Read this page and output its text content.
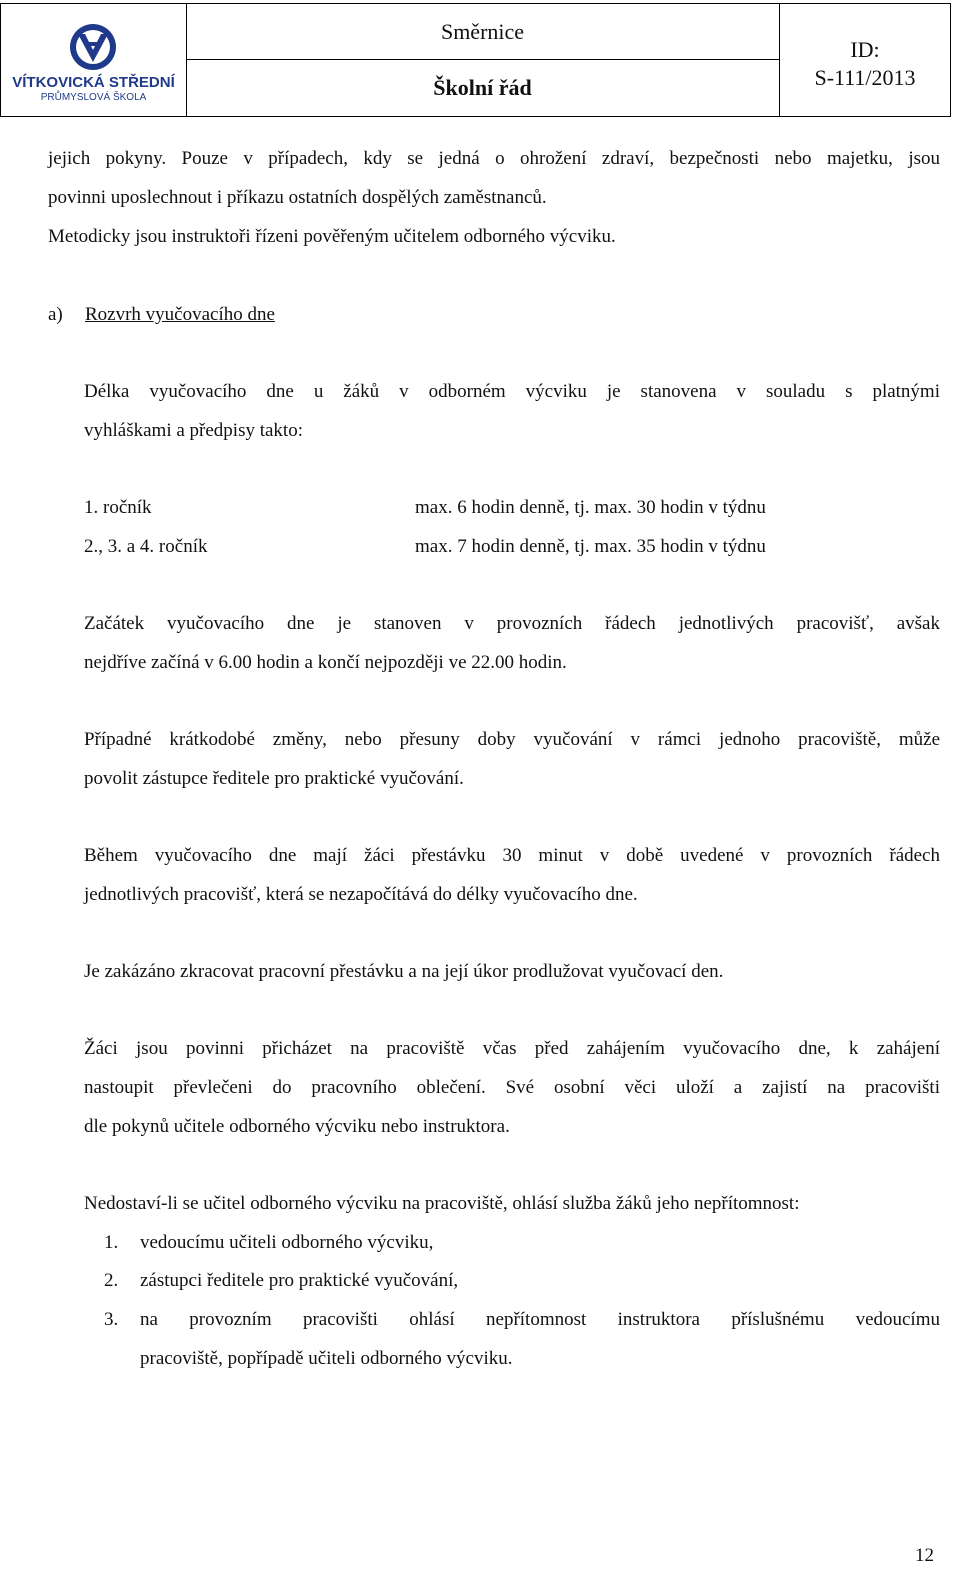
VÍTKOVICKÁ STŘEDNÍ
PRŮMYSLOVÁ ŠKOLA
Směrnice
Školní řád
ID:
S-111/2013
jejich pokyny. Pouze v případech, kdy se jedná o ohrožení zdraví, bezpečnosti nebo majetku, jsou
povinni uposlechnout i příkazu ostatních dospělých zaměstnanců.
Metodicky jsou instruktoři řízeni pověřeným učitelem odborného výcviku.
a) Rozvrh vyučovacího dne
Délka vyučovacího dne u žáků v odborném výcviku je stanovena v souladu s platnými
vyhláškami a předpisy takto:
1. ročník	max. 6 hodin denně, tj. max. 30 hodin v týdnu
2., 3. a 4. ročník	max. 7 hodin denně, tj. max. 35 hodin v týdnu
Začátek vyučovacího dne je stanoven v provozních řádech jednotlivých pracovišť, avšak
nejdříve začíná v 6.00 hodin a končí nejpozději ve 22.00 hodin.
Případné krátkodobé změny, nebo přesuny doby vyučování v rámci jednoho pracoviště, může
povolit zástupce ředitele pro praktické vyučování.
Během vyučovacího dne mají žáci přestávku 30 minut v době uvedené v provozních řádech
jednotlivých pracovišť, která se nezapočítává do délky vyučovacího dne.
Je zakázáno zkracovat pracovní přestávku a na její úkor prodlužovat vyučovací den.
Žáci jsou povinni přicházet na pracoviště včas před zahájením vyučovacího dne, k zahájení
nastoupit převlečeni do pracovního oblečení. Své osobní věci uloží a zajistí na pracovišti
dle pokynů učitele odborného výcviku nebo instruktora.
Nedostaví-li se učitel odborného výcviku na pracoviště, ohlásí služba žáků jeho nepřítomnost:
1. vedoucímu učiteli odborného výcviku,
2. zástupci ředitele pro praktické vyučování,
3. na provozním pracovišti ohlásí nepřítomnost instruktora příslušnému vedoucímu
pracoviště, popřípadě učiteli odborného výcviku.
12
